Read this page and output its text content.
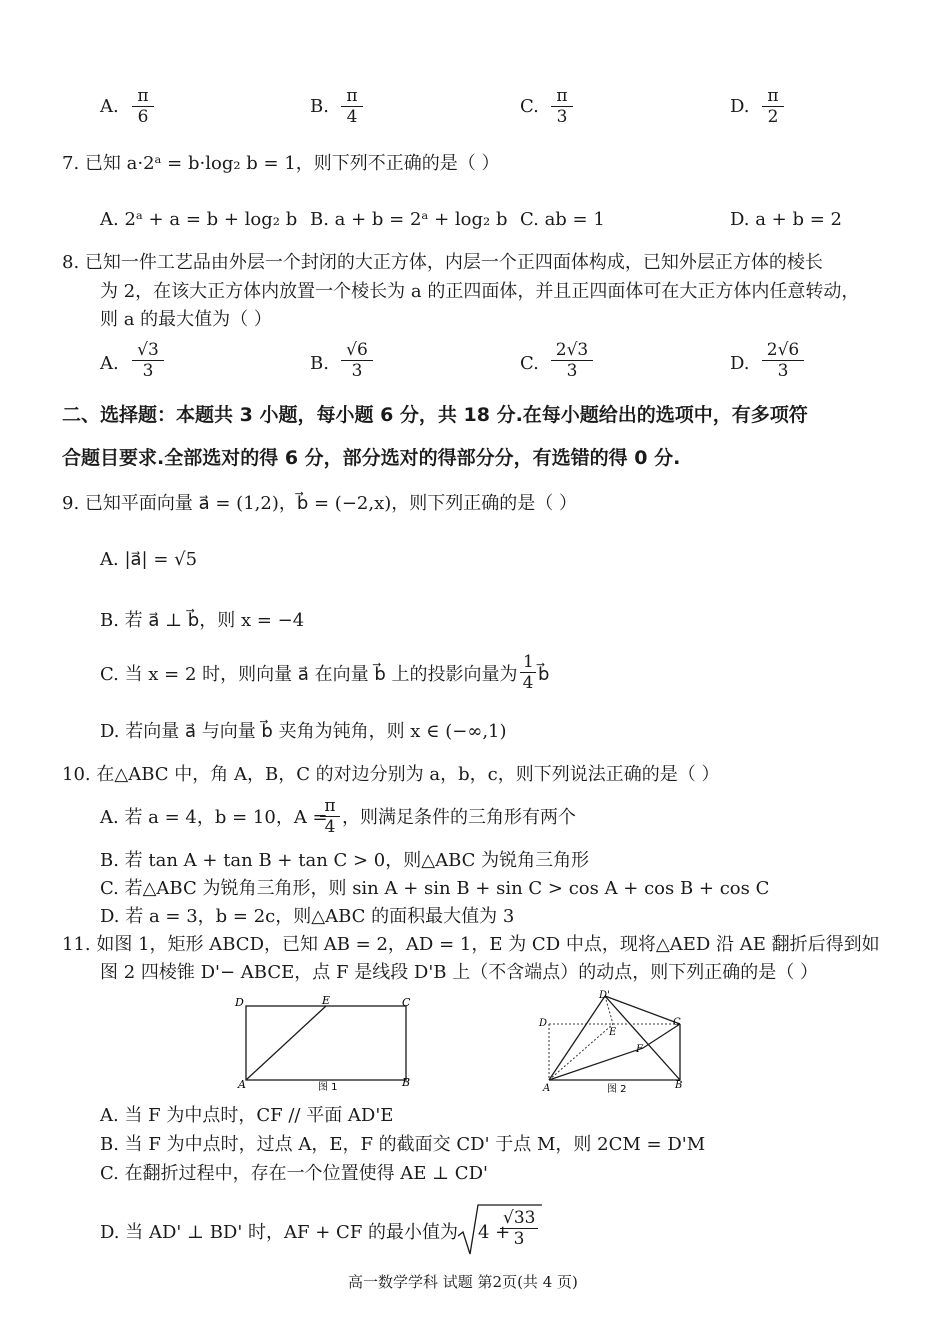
A.	π
6	B.	π
4	C.	π
3	D.	π
2
7. 已知 a·2ᵃ = b·log₂ b = 1，则下列不正确的是（ ）
A. 2ᵃ + a = b + log₂ b B. a + b = 2ᵃ + log₂ b C. ab = 1	D. a + b = 2
8. 已知一件工艺品由外层一个封闭的大正方体，内层一个正四面体构成，已知外层正方体的棱长
为 2，在该大正方体内放置一个棱长为 a 的正四面体，并且正四面体可在大正方体内任意转动，
则 a 的最大值为（ ）
A.
√3
3	B.
√6
3	C.
2√3
3	D.
2√6
3
二、选择题：本题共 3 小题，每小题 6 分，共 18 分.在每小题给出的选项中，有多项符
合题目要求.全部选对的得 6 分，部分选对的得部分分，有选错的得 0 分.
9. 已知平面向量 a⃗ = (1,2)，b⃗ = (−2,x)，则下列正确的是（ ）
A. |a⃗| = √5
B. 若 a⃗ ⊥ b⃗，则 x = −4
C. 当 x = 2 时，则向量 a⃗ 在向量 b⃗ 上的投影向量为
1
4 b⃗
D. 若向量 a⃗ 与向量 b⃗ 夹角为钝角，则 x ∈ (−∞,1)
10. 在△ABC 中，角 A，B，C 的对边分别为 a，b，c，则下列说法正确的是（ ）
A. 若 a = 4，b = 10，A =
π
4 ，则满足条件的三角形有两个
B. 若 tan A + tan B + tan C > 0，则△ABC 为锐角三角形
C. 若△ABC 为锐角三角形，则 sin A + sin B + sin C > cos A + cos B + cos C
D. 若 a = 3，b = 2c，则△ABC 的面积最大值为 3
11. 如图 1，矩形 ABCD，已知 AB = 2，AD = 1，E 为 CD 中点，现将△AED 沿 AE 翻折后得到如
图 2 四棱锥 D'− ABCE，点 F 是线段 D'B 上（不含端点）的动点，则下列正确的是（ ）
D	E	C
A	B
图 1
D'
D
E
C
F
A	B
图 2
A. 当 F 为中点时，CF // 平面 AD'E
B. 当 F 为中点时，过点 A，E，F 的截面交 CD' 于点 M，则 2CM = D'M
C. 在翻折过程中，存在一个位置使得 AE ⊥ CD'
D. 当 AD' ⊥ BD' 时，AF + CF 的最小值为 4 +
√33
3
高一数学学科 试题 第2页(共 4 页)
